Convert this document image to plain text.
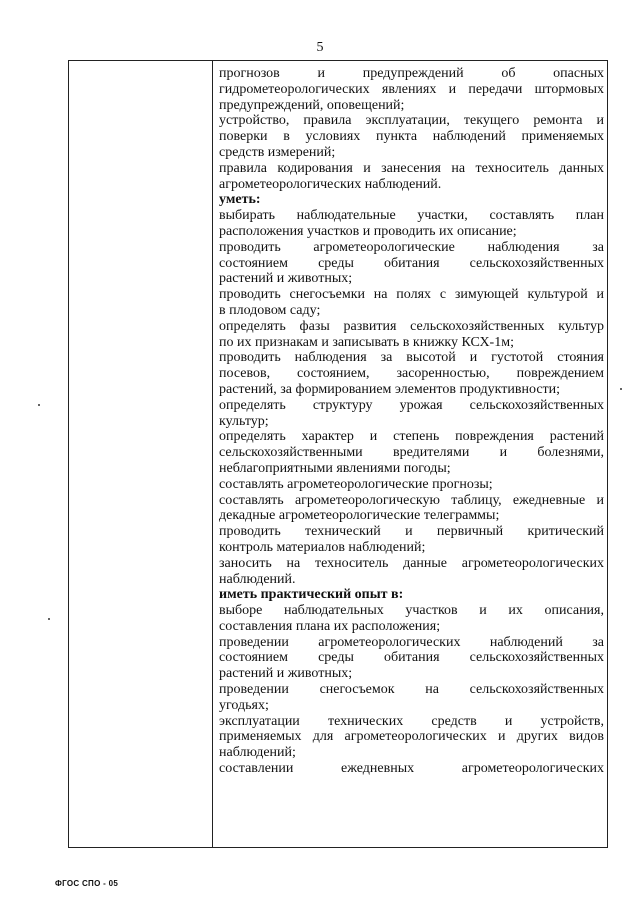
5
прогнозов и предупреждений об опасных
гидрометеорологических явлениях и передачи штормовых
предупреждений, оповещений;
устройство, правила эксплуатации, текущего ремонта и
поверки в условиях пункта наблюдений применяемых
средств измерений;
правила кодирования и занесения на техноситель данных
агрометеорологических наблюдений.
уметь:
выбирать наблюдательные участки, составлять план
расположения участков и проводить их описание;
проводить агрометеорологические наблюдения за
состоянием среды обитания сельскохозяйственных
растений и животных;
проводить снегосъемки на полях с зимующей культурой и
в плодовом саду;
определять фазы развития сельскохозяйственных культур
по их признакам и записывать в книжку КСХ-1м;
проводить наблюдения за высотой и густотой стояния
посевов, состоянием, засоренностью, повреждением
растений, за формированием элементов продуктивности;
определять структуру урожая сельскохозяйственных
культур;
определять характер и степень повреждения растений
сельскохозяйственными вредителями и болезнями,
неблагоприятными явлениями погоды;
составлять агрометеорологические прогнозы;
составлять агрометеорологическую таблицу, ежедневные и
декадные агрометеорологические телеграммы;
проводить технический и первичный критический
контроль материалов наблюдений;
заносить на техноситель данные агрометеорологических
наблюдений.
иметь практический опыт в:
выборе наблюдательных участков и их описания,
составления плана их расположения;
проведении агрометеорологических наблюдений за
состоянием среды обитания сельскохозяйственных
растений и животных;
проведении снегосъемок на сельскохозяйственных
угодьях;
эксплуатации технических средств и устройств,
применяемых для агрометеорологических и других видов
наблюдений;
составлении ежедневных агрометеорологических
ФГОС СПО - 05
